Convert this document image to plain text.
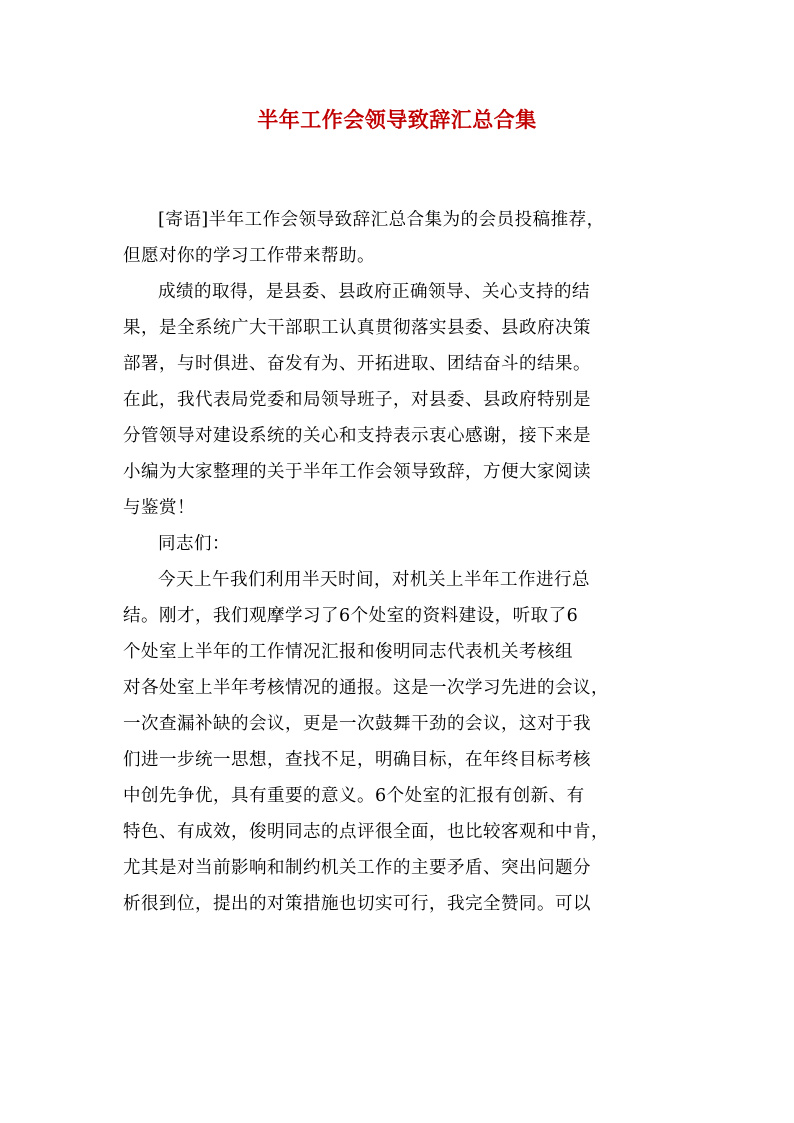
半年工作会领导致辞汇总合集

[寄语]半年工作会领导致辞汇总合集为的会员投稿推荐，
但愿对你的学习工作带来帮助。

成绩的取得，是县委、县政府正确领导、关心支持的结
果，是全系统广大干部职工认真贯彻落实县委、县政府决策
部署，与时俱进、奋发有为、开拓进取、团结奋斗的结果。
在此，我代表局党委和局领导班子，对县委、县政府特别是
分管领导对建设系统的关心和支持表示衷心感谢，接下来是
小编为大家整理的关于半年工作会领导致辞，方便大家阅读
与鉴赏！

同志们：

今天上午我们利用半天时间，对机关上半年工作进行总
结。刚才，我们观摩学习了6个处室的资料建设，听取了6
个处室上半年的工作情况汇报和俊明同志代表机关考核组
对各处室上半年考核情况的通报。这是一次学习先进的会议，
一次查漏补缺的会议，更是一次鼓舞干劲的会议，这对于我
们进一步统一思想，查找不足，明确目标，在年终目标考核
中创先争优，具有重要的意义。6个处室的汇报有创新、有
特色、有成效，俊明同志的点评很全面，也比较客观和中肯，
尤其是对当前影响和制约机关工作的主要矛盾、突出问题分
析很到位，提出的对策措施也切实可行，我完全赞同。可以
